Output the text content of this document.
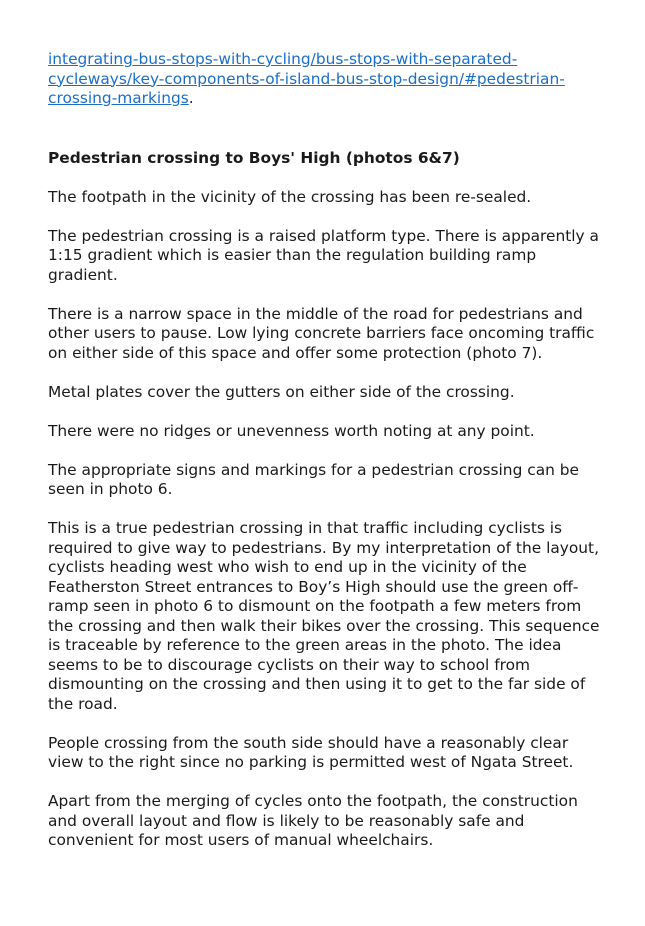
integrating-bus-stops-with-cycling/bus-stops-with-separated-
cycleways/key-components-of-island-bus-stop-design/#pedestrian-
crossing-markings.

Pedestrian crossing to Boys' High (photos 6&7)

The footpath in the vicinity of the crossing has been re-sealed.

The pedestrian crossing is a raised platform type. There is apparently a 1:15 gradient which is easier than the regulation building ramp gradient.

There is a narrow space in the middle of the road for pedestrians and other users to pause. Low lying concrete barriers face oncoming traffic on either side of this space and offer some protection (photo 7).

Metal plates cover the gutters on either side of the crossing.

There were no ridges or unevenness worth noting at any point.

The appropriate signs and markings for a pedestrian crossing can be seen in photo 6.

This is a true pedestrian crossing in that traffic including cyclists is required to give way to pedestrians. By my interpretation of the layout, cyclists heading west who wish to end up in the vicinity of the Featherston Street entrances to Boy’s High should use the green off-ramp seen in photo 6 to dismount on the footpath a few meters from the crossing and then walk their bikes over the crossing. This sequence is traceable by reference to the green areas in the photo. The idea seems to be to discourage cyclists on their way to school from dismounting on the crossing and then using it to get to the far side of the road.

People crossing from the south side should have a reasonably clear view to the right since no parking is permitted west of Ngata Street.

Apart from the merging of cycles onto the footpath, the construction and overall layout and flow is likely to be reasonably safe and convenient for most users of manual wheelchairs.
